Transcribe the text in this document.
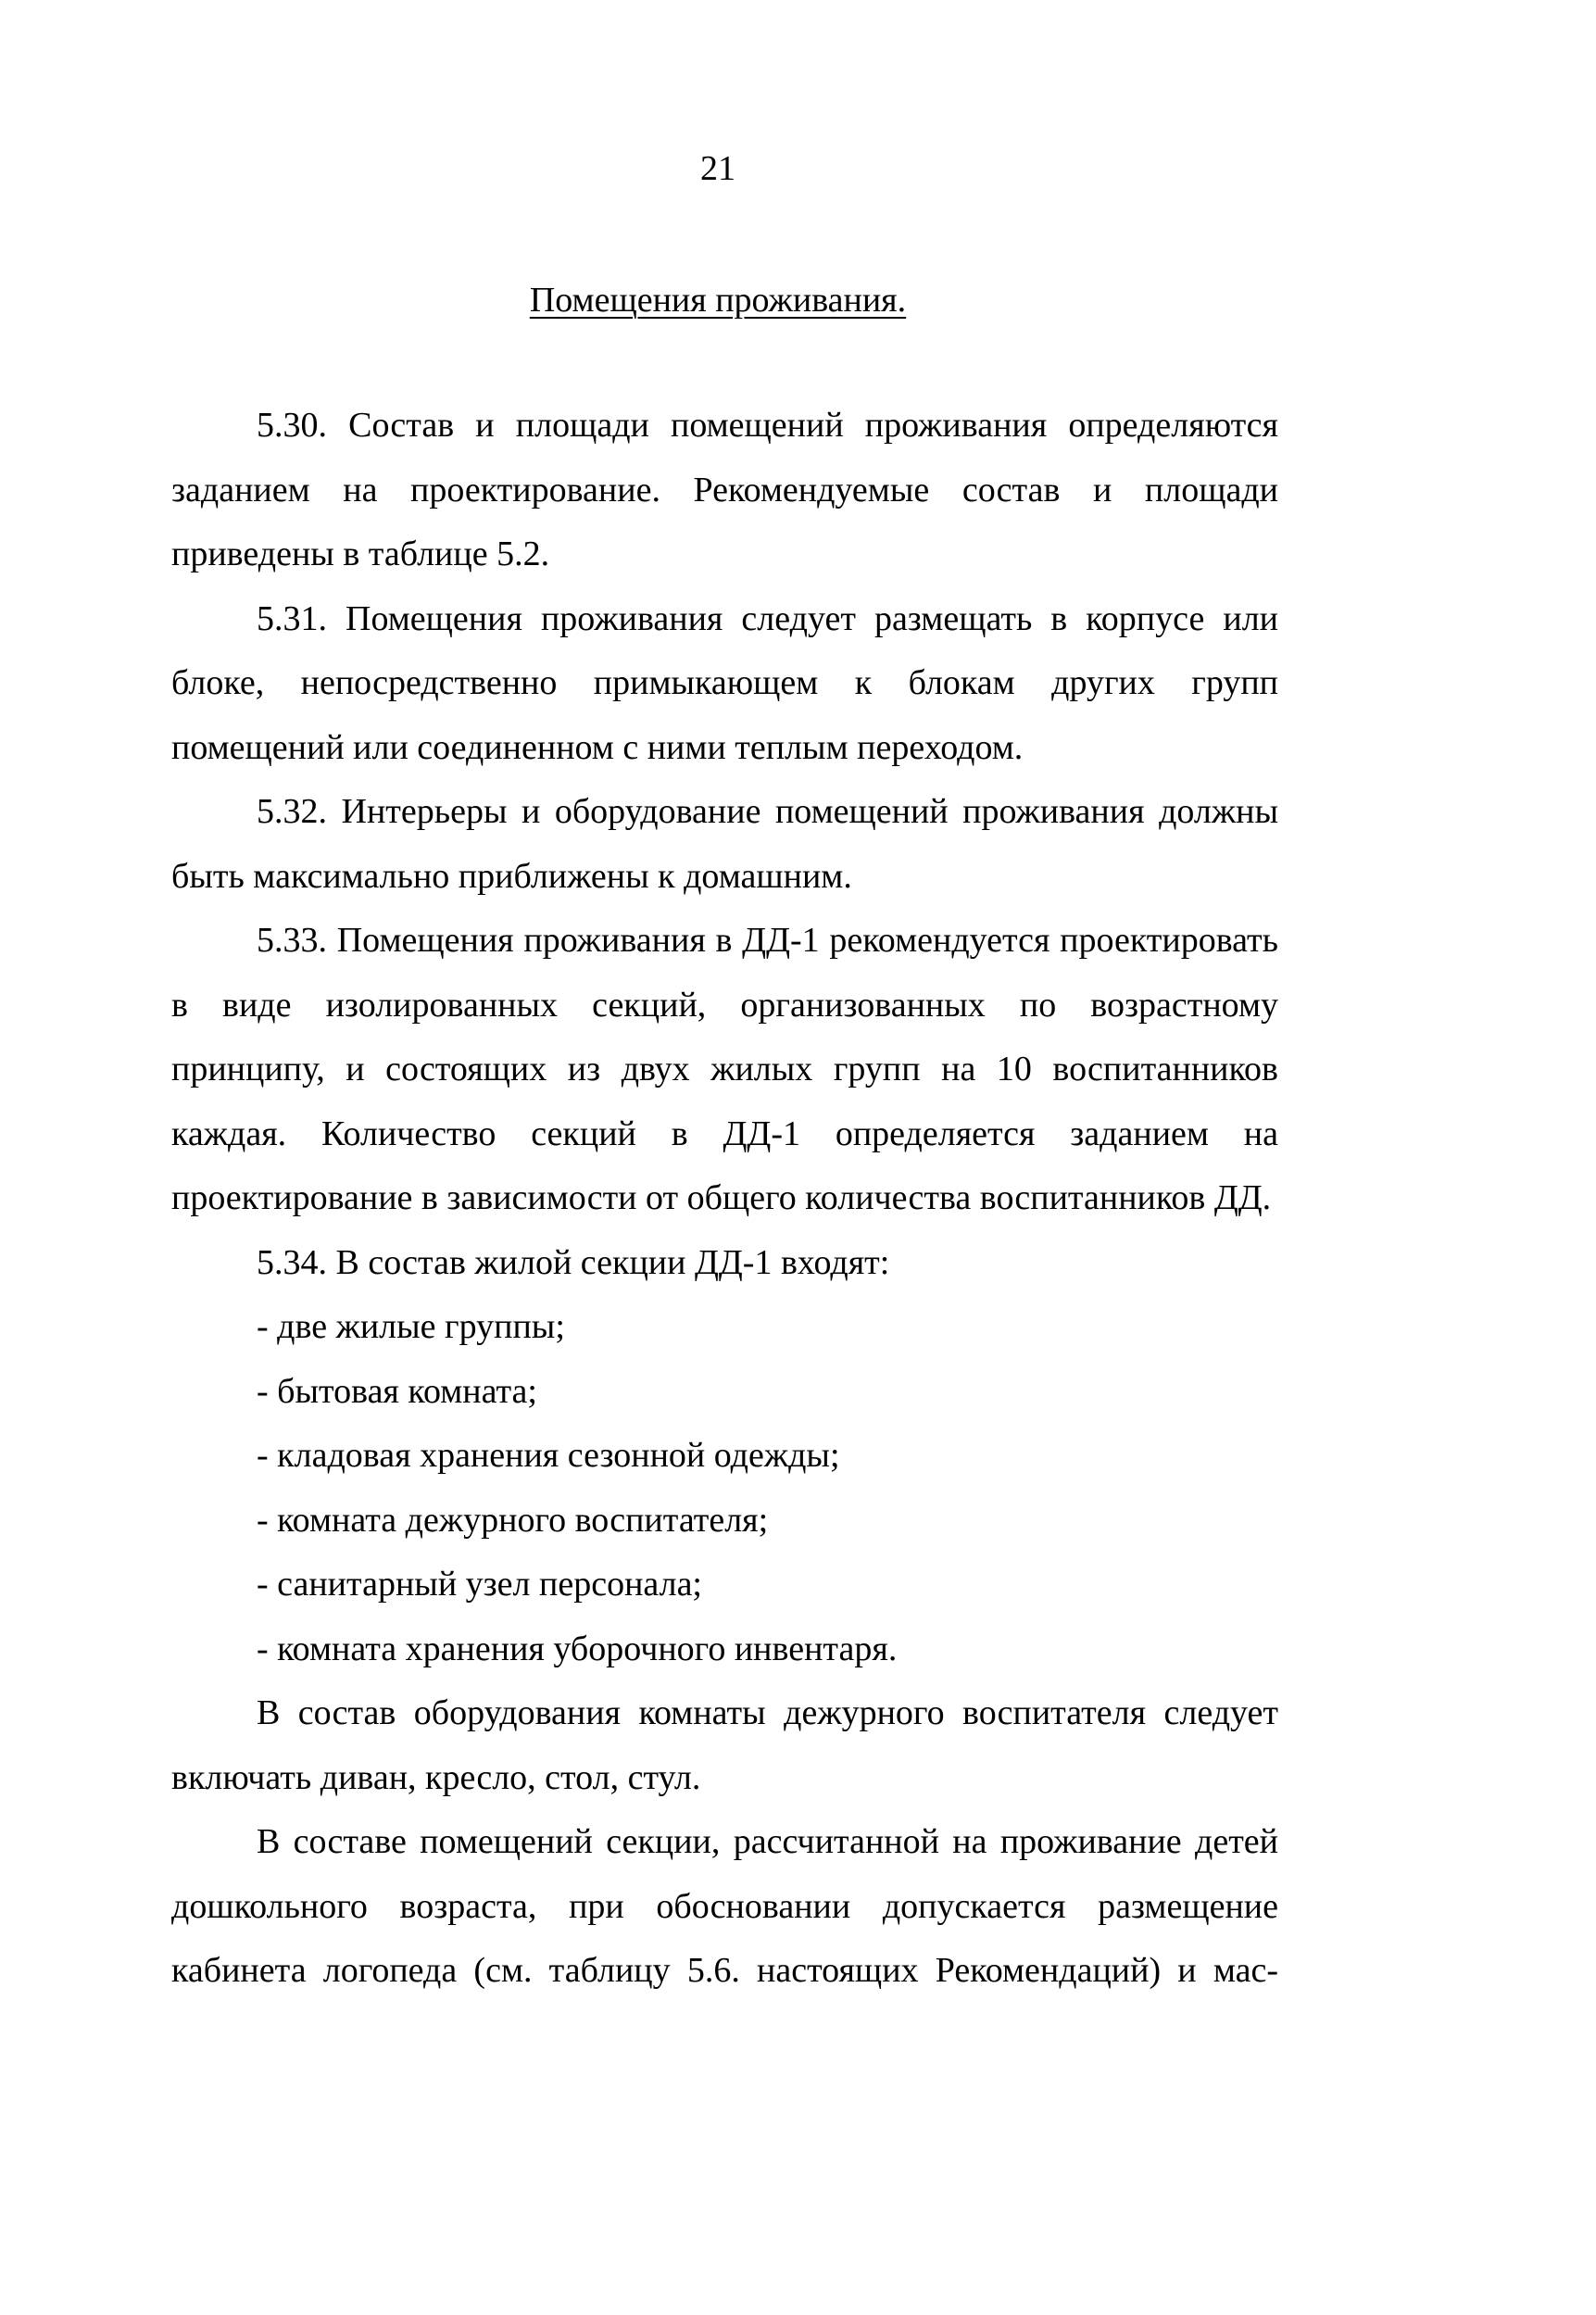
21
Помещения проживания.

5.30. Состав и площади помещений проживания определяются заданием на проектирование. Рекомендуемые состав и площади приведены в таблице 5.2.

5.31. Помещения проживания следует размещать в корпусе или блоке, непосредственно примыкающем к блокам других групп помещений или соединенном с ними теплым переходом.

5.32. Интерьеры и оборудование помещений проживания должны быть максимально приближены к домашним.

5.33. Помещения проживания в ДД-1 рекомендуется проектировать в виде изолированных секций, организованных по возрастному принципу, и состоящих из двух жилых групп на 10 воспитанников каждая. Количество секций в ДД-1 определяется заданием на проектирование в зависимости от общего количества воспитанников ДД.

5.34. В состав жилой секции ДД-1 входят:

- две жилые группы;
- бытовая комната;
- кладовая хранения сезонной одежды;
- комната дежурного воспитателя;
- санитарный узел персонала;
- комната хранения уборочного инвентаря.

В состав оборудования комнаты дежурного воспитателя следует включать диван, кресло, стол, стул.

В составе помещений секции, рассчитанной на проживание детей дошкольного возраста, при обосновании допускается размещение кабинета логопеда (см. таблицу 5.6. настоящих Рекомендаций) и мас-
